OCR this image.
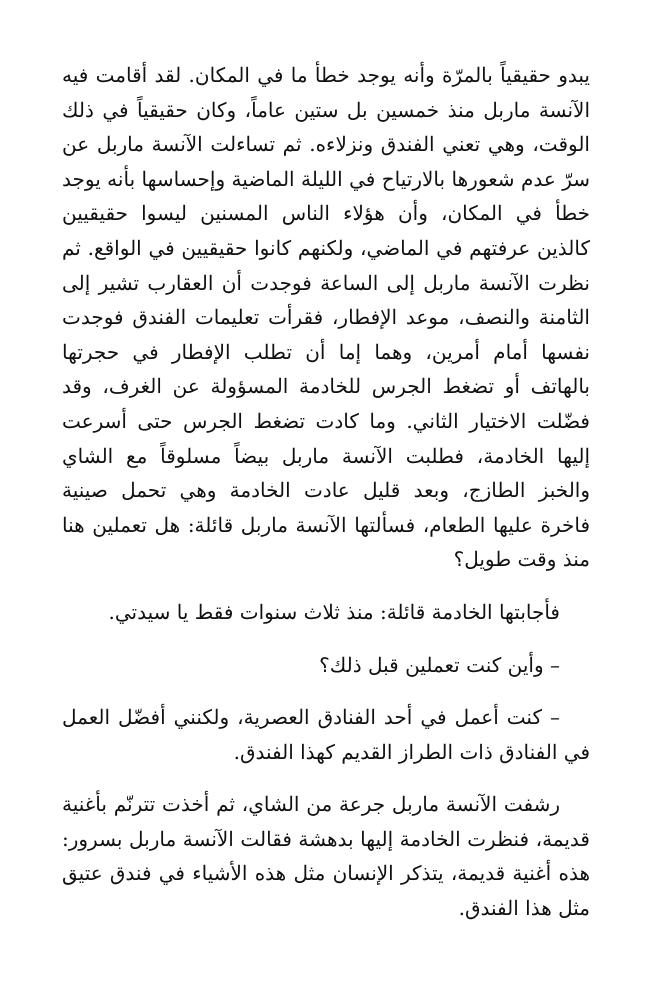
يبدو حقيقياً بالمرّة وأنه يوجد خطأ ما في المكان. لقد أقامت فيه الآنسة ماربل منذ خمسين بل ستين عاماً، وكان حقيقياً في ذلك الوقت، وهي تعني الفندق ونزلاءه. ثم تساءلت الآنسة ماربل عن سرّ عدم شعورها بالارتياح في الليلة الماضية وإحساسها بأنه يوجد خطأ في المكان، وأن هؤلاء الناس المسنين ليسوا حقيقيين كالذين عرفتهم في الماضي، ولكنهم كانوا حقيقيين في الواقع. ثم نظرت الآنسة ماربل إلى الساعة فوجدت أن العقارب تشير إلى الثامنة والنصف، موعد الإفطار، فقرأت تعليمات الفندق فوجدت نفسها أمام أمرين، وهما إما أن تطلب الإفطار في حجرتها بالهاتف أو تضغط الجرس للخادمة المسؤولة عن الغرف، وقد فضّلت الاختيار الثاني. وما كادت تضغط الجرس حتى أسرعت إليها الخادمة، فطلبت الآنسة ماربل بيضاً مسلوقاً مع الشاي والخبز الطازج، وبعد قليل عادت الخادمة وهي تحمل صينية فاخرة عليها الطعام، فسألتها الآنسة ماربل قائلة: هل تعملين هنا منذ وقت طويل؟

فأجابتها الخادمة قائلة: منذ ثلاث سنوات فقط يا سيدتي.

– وأين كنت تعملين قبل ذلك؟

– كنت أعمل في أحد الفنادق العصرية، ولكنني أفضّل العمل في الفنادق ذات الطراز القديم كهذا الفندق.

رشفت الآنسة ماربل جرعة من الشاي، ثم أخذت تترنّم بأغنية قديمة، فنظرت الخادمة إليها بدهشة فقالت الآنسة ماربل بسرور: هذه أغنية قديمة، يتذكر الإنسان مثل هذه الأشياء في فندق عتيق مثل هذا الفندق.
